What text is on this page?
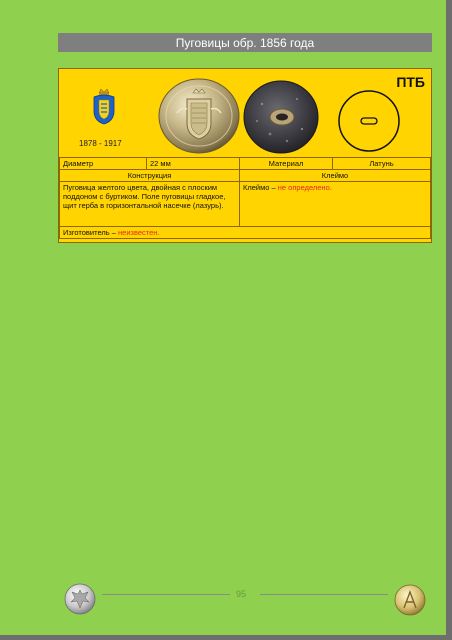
Пуговицы обр. 1856 года
1878 - 1917
ПТБ
Диаметр	22 мм	Материал	Латунь
Конструкция		Клеймо	
Пуговица желтого цвета, двойная с плоским поддоном с буртиком. Поле пуговицы гладкое, щит герба в горизонтальной насечке (лазурь).		Клеймо – не определено.	
Изготовитель – неизвестен.			
95
